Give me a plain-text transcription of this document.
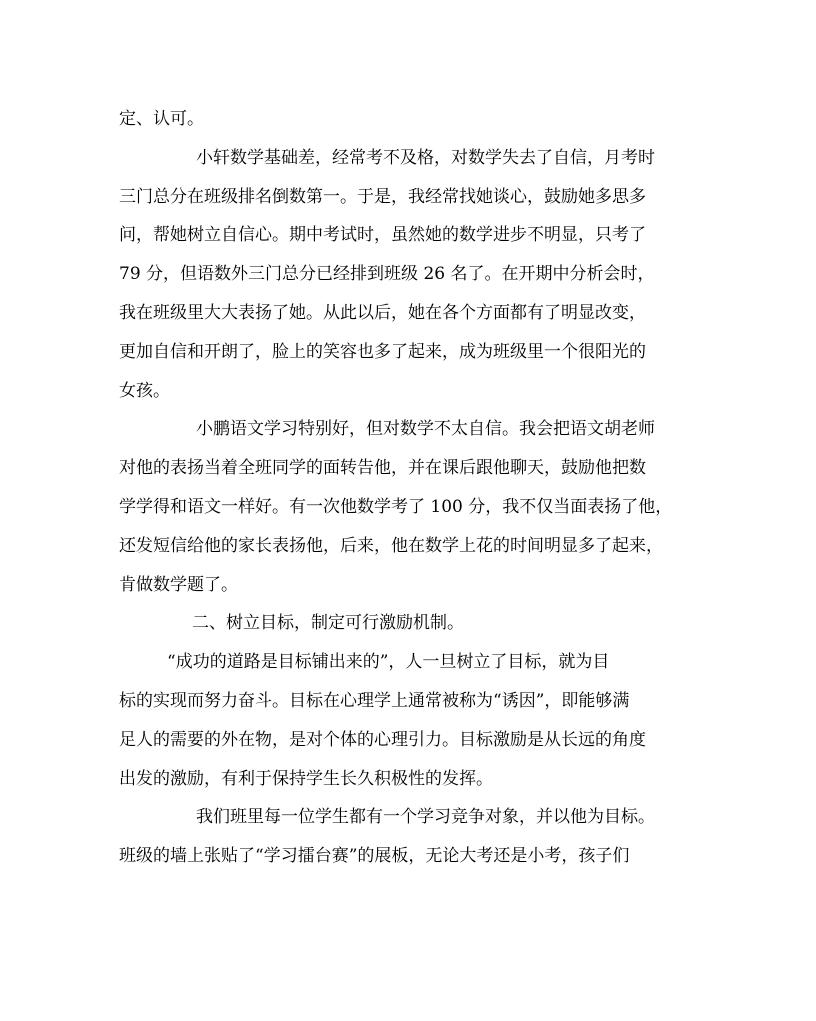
定、认可。
小轩数学基础差，经常考不及格，对数学失去了自信，月考时
三门总分在班级排名倒数第一。于是，我经常找她谈心，鼓励她多思多
问，帮她树立自信心。期中考试时，虽然她的数学进步不明显，只考了
79 分，但语数外三门总分已经排到班级 26 名了。在开期中分析会时，
我在班级里大大表扬了她。从此以后，她在各个方面都有了明显改变，
更加自信和开朗了，脸上的笑容也多了起来，成为班级里一个很阳光的
女孩。
小鹏语文学习特别好，但对数学不太自信。我会把语文胡老师
对他的表扬当着全班同学的面转告他，并在课后跟他聊天，鼓励他把数
学学得和语文一样好。有一次他数学考了 100 分，我不仅当面表扬了他，
还发短信给他的家长表扬他，后来，他在数学上花的时间明显多了起来，
肯做数学题了。
二、树立目标，制定可行激励机制。
“成功的道路是目标铺出来的”，人一旦树立了目标，就为目
标的实现而努力奋斗。目标在心理学上通常被称为“诱因”，即能够满
足人的需要的外在物，是对个体的心理引力。目标激励是从长远的角度
出发的激励，有利于保持学生长久积极性的发挥。
我们班里每一位学生都有一个学习竞争对象，并以他为目标。
班级的墙上张贴了“学习擂台赛”的展板，无论大考还是小考，孩子们
